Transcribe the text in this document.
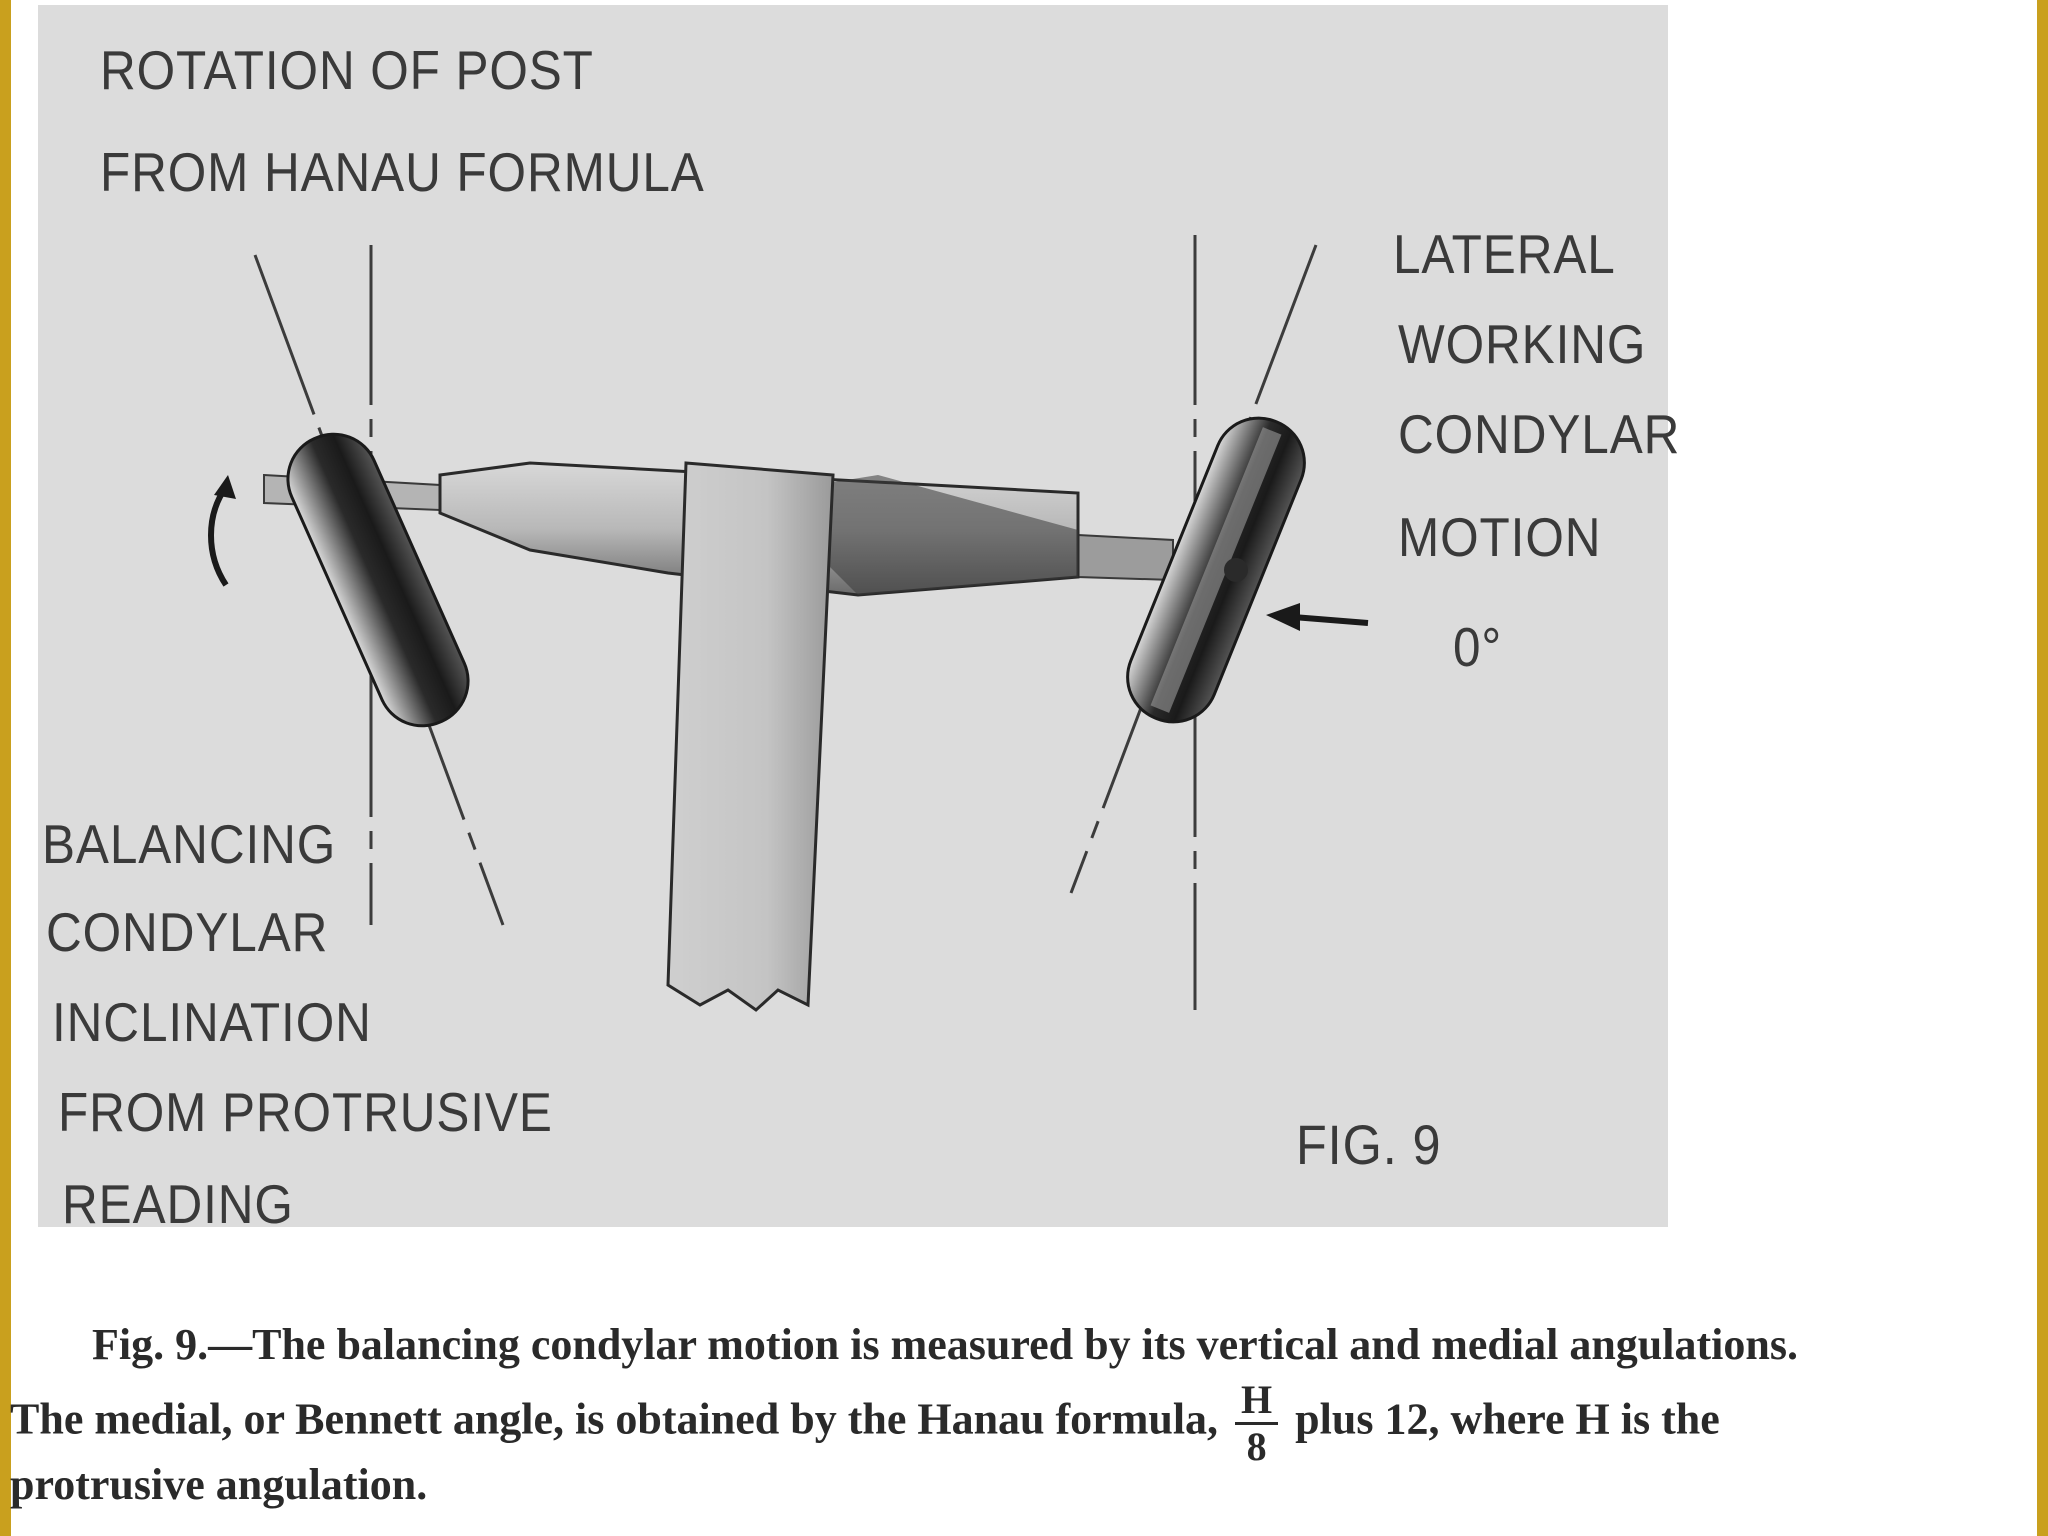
ROTATION OF POST
FROM HANAU FORMULA
LATERAL
WORKING
CONDYLAR
MOTION
0°
BALANCING
CONDYLAR
INCLINATION
FROM PROTRUSIVE
READING
FIG. 9
Fig. 9.—The balancing condylar motion is measured by its vertical and medial angulations.
The medial, or Bennett angle, is obtained by the Hanau formula, $\frac{H}{8}$ plus 12, where H is the
protrusive angulation.
